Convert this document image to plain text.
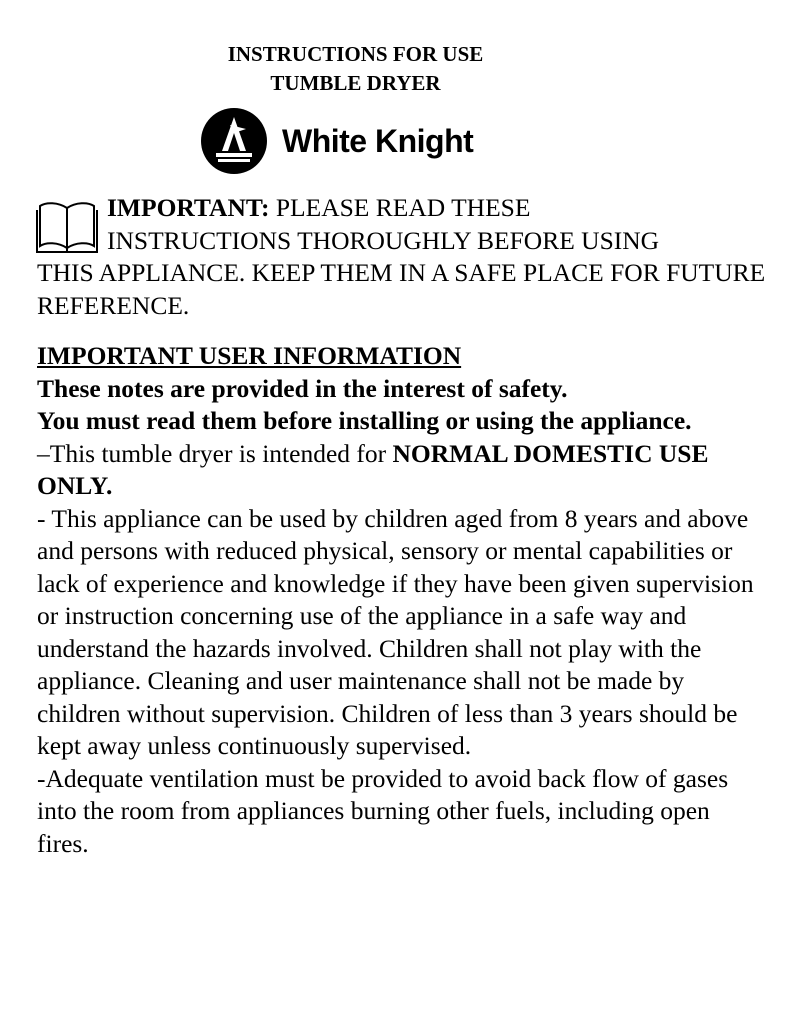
INSTRUCTIONS FOR USE
TUMBLE DRYER
White Knight

IMPORTANT: PLEASE READ THESE

INSTRUCTIONS THOROUGHLY BEFORE USING

THIS APPLIANCE. KEEP THEM IN A SAFE PLACE FOR FUTURE REFERENCE.

IMPORTANT USER INFORMATION

These notes are provided in the interest of safety.

You must read them before installing or using the appliance.

–This tumble dryer is intended for NORMAL DOMESTIC USE ONLY.

- This appliance can be used by children aged from 8 years and above and persons with reduced physical, sensory or mental capabilities or lack of experience and knowledge if they have been given supervision or instruction concerning use of the appliance in a safe way and understand the hazards involved. Children shall not play with the appliance. Cleaning and user maintenance shall not be made by children without supervision. Children of less than 3 years should be kept away unless continuously supervised.

-Adequate ventilation must be provided to avoid back flow of gases into the room from appliances burning other fuels, including open fires.
